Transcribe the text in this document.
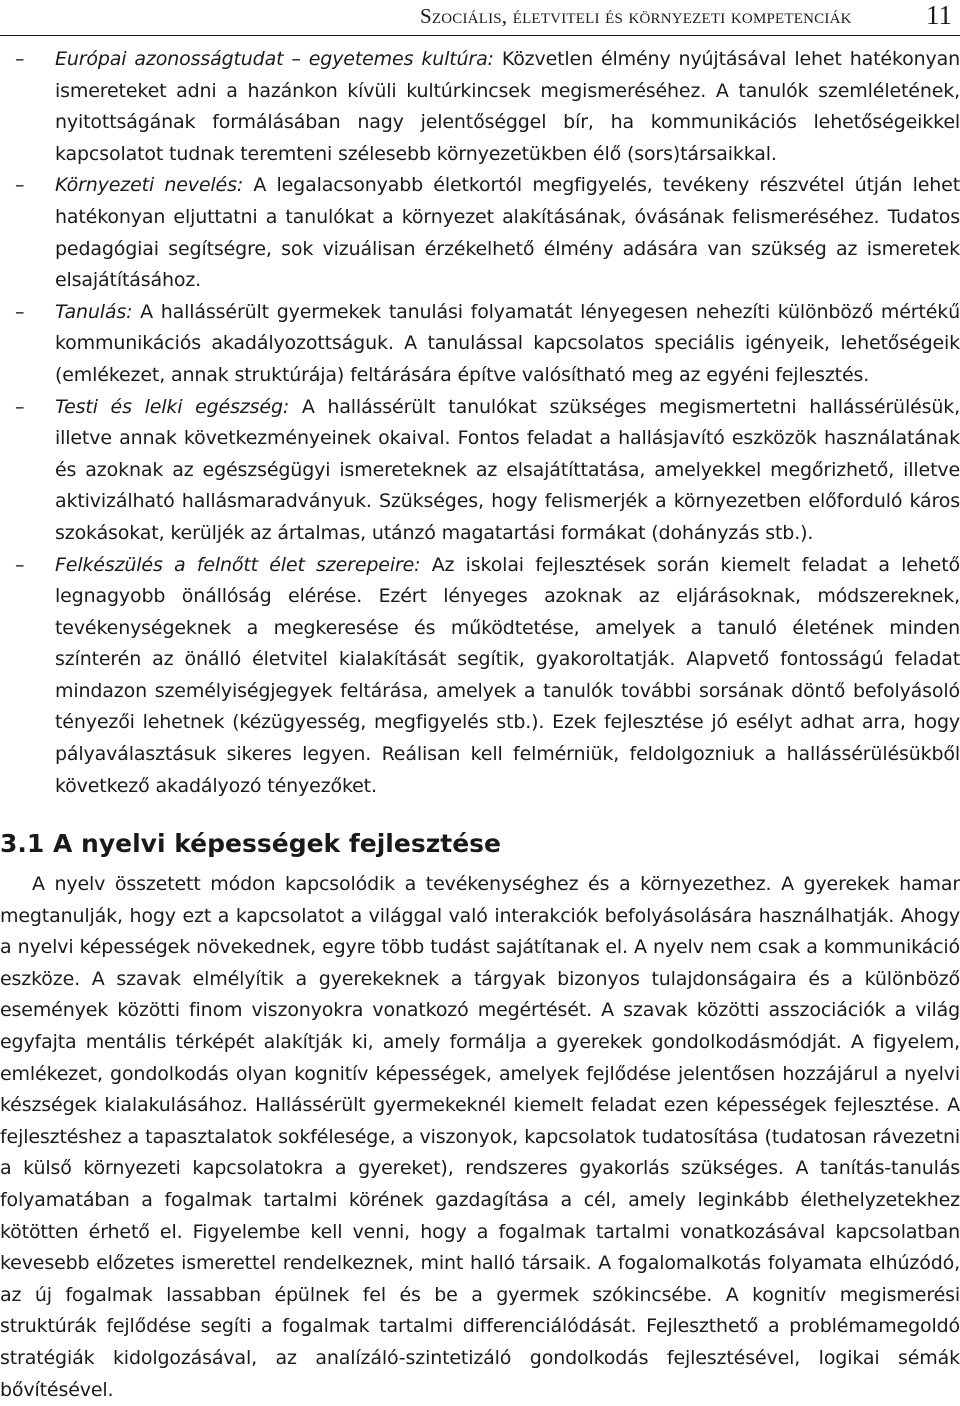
Szociális, életviteli és környezeti kompetenciák	11
– Európai azonosságtudat – egyetemes kultúra: Közvetlen élmény nyújtásával lehet hatékonyan ismereteket adni a hazánkon kívüli kultúrkincsek megismeréséhez. A tanulók szemléletének, nyitottságának formálásában nagy jelentőséggel bír, ha kommunikációs lehetőségeikkel kapcsolatot tudnak teremteni szélesebb környezetükben élő (sors)társaikkal.

– Környezeti nevelés: A legalacsonyabb életkortól megfigyelés, tevékeny részvétel útján lehet hatékonyan eljuttatni a tanulókat a környezet alakításának, óvásának felismeréséhez. Tudatos pedagógiai segítségre, sok vizuálisan érzékelhető élmény adására van szükség az ismeretek elsajátításához.

– Tanulás: A hallássérült gyermekek tanulási folyamatát lényegesen nehezíti különböző mértékű kommunikációs akadályozottságuk. A tanulással kapcsolatos speciális igényeik, lehetőségeik (emlékezet, annak struktúrája) feltárására építve valósítható meg az egyéni fejlesztés.

– Testi és lelki egészség: A hallássérült tanulókat szükséges megismertetni hallássérülésük, illetve annak következményeinek okaival. Fontos feladat a hallásjavító eszközök használatának és azoknak az egészségügyi ismereteknek az elsajátíttatása, amelyekkel megőrizhető, illetve aktivizálható hallásmaradványuk. Szükséges, hogy felismerjék a környezetben előforduló káros szokásokat, kerüljék az ártalmas, utánzó magatartási formákat (dohányzás stb.).

– Felkészülés a felnőtt élet szerepeire: Az iskolai fejlesztések során kiemelt feladat a lehető legnagyobb önállóság elérése. Ezért lényeges azoknak az eljárásoknak, módszereknek, tevékenységeknek a megkeresése és működtetése, amelyek a tanuló életének minden színterén az önálló életvitel kialakítását segítik, gyakoroltatják. Alapvető fontosságú feladat mindazon személyiségjegyek feltárása, amelyek a tanulók további sorsának döntő befolyásoló tényezői lehetnek (kézügyesség, megfigyelés stb.). Ezek fejlesztése jó esélyt adhat arra, hogy pályaválasztásuk sikeres legyen. Reálisan kell felmérniük, feldolgozniuk a hallássérülésükből következő akadályozó tényezőket.

3.1 A nyelvi képességek fejlesztése

A nyelv összetett módon kapcsolódik a tevékenységhez és a környezethez. A gyerekek hamar megtanulják, hogy ezt a kapcsolatot a világgal való interakciók befolyásolására használhatják. Ahogy a nyelvi képességek növekednek, egyre több tudást sajátítanak el. A nyelv nem csak a kommunikáció eszköze. A szavak elmélyítik a gyerekeknek a tárgyak bizonyos tulajdonságaira és a különböző események közötti finom viszonyokra vonatkozó megértését. A szavak közötti asszociációk a világ egyfajta mentális térképét alakítják ki, amely formálja a gyerekek gondolkodásmódját. A figyelem, emlékezet, gondolkodás olyan kognitív képességek, amelyek fejlődése jelentősen hozzájárul a nyelvi készségek kialakulásához. Hallássérült gyermekeknél kiemelt feladat ezen képességek fejlesztése. A fejlesztéshez a tapasztalatok sokfélesége, a viszonyok, kapcsolatok tudatosítása (tudatosan rávezetni a külső környezeti kapcsolatokra a gyereket), rendszeres gyakorlás szükséges. A tanítás-tanulás folyamatában a fogalmak tartalmi körének gazdagítása a cél, amely leginkább élethelyzetekhez kötötten érhető el. Figyelembe kell venni, hogy a fogalmak tartalmi vonatkozásával kapcsolatban kevesebb előzetes ismerettel rendelkeznek, mint halló társaik. A fogalomalkotás folyamata elhúzódó, az új fogalmak lassabban épülnek fel és be a gyermek szókincsébe. A kognitív megismerési struktúrák fejlődése segíti a fogalmak tartalmi differenciálódását. Fejleszthető a problémamegoldó stratégiák kidolgozásával, az analízáló-szintetizáló gondolkodás fejlesztésével, logikai sémák bővítésével.
